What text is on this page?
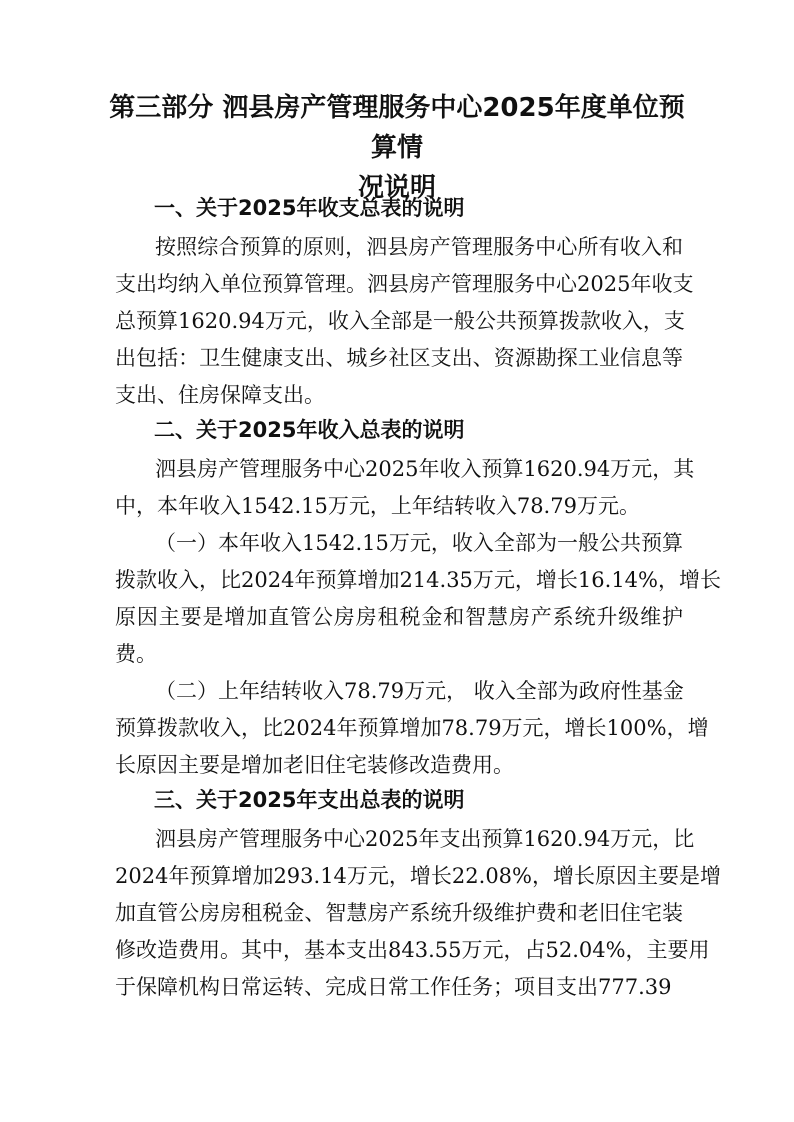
第三部分 泗县房产管理服务中心2025年度单位预算情
况说明
一、关于2025年收支总表的说明
按照综合预算的原则，泗县房产管理服务中心所有收入和
支出均纳入单位预算管理。泗县房产管理服务中心2025年收支
总预算1620.94万元，收入全部是一般公共预算拨款收入，支
出包括：卫生健康支出、城乡社区支出、资源勘探工业信息等
支出、住房保障支出。
二、关于2025年收入总表的说明
泗县房产管理服务中心2025年收入预算1620.94万元，其
中，本年收入1542.15万元，上年结转收入78.79万元。
（一）本年收入1542.15万元，收入全部为一般公共预算
拨款收入，比2024年预算增加214.35万元，增长16.14%，增长
原因主要是增加直管公房房租税金和智慧房产系统升级维护
费。
（二）上年结转收入78.79万元， 收入全部为政府性基金
预算拨款收入，比2024年预算增加78.79万元，增长100%，增
长原因主要是增加老旧住宅装修改造费用。
三、关于2025年支出总表的说明
泗县房产管理服务中心2025年支出预算1620.94万元，比
2024年预算增加293.14万元，增长22.08%，增长原因主要是增
加直管公房房租税金、智慧房产系统升级维护费和老旧住宅装
修改造费用。其中，基本支出843.55万元，占52.04%，主要用
于保障机构日常运转、完成日常工作任务；项目支出777.39
